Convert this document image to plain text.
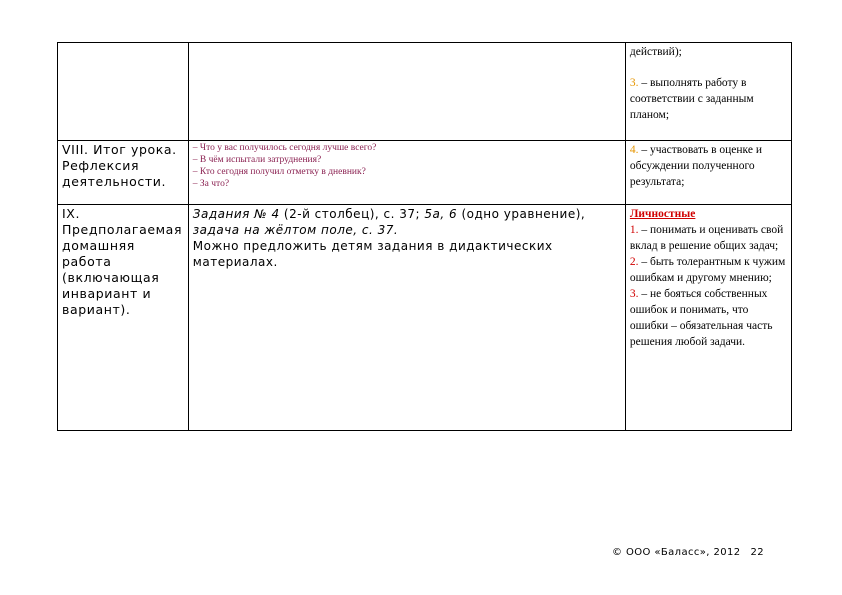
		действий);
3. – выполнять работу в соответствии с заданным планом;
VIII. Итог урока. Рефлексия деятельности.	– Что у вас получилось сегодня лучше всего?
– В чём испытали затруднения?
– Кто сегодня получил отметку в дневник?
– За что?	4. – участвовать в оценке и обсуждении полученного результата;
IX. Предполагаемая домашняя работа (включающая инвариант и вариант).	Задания № 4 (2-й столбец), с. 37; 5а, 6 (одно уравнение), задача на жёлтом поле, с. 37.
Можно предложить детям задания в дидактических материалах.	Личностные
1. – понимать и оценивать свой вклад в решение общих задач;
2. – быть толерантным к чужим ошибкам и другому мнению;
3. – не бояться собственных ошибок и понимать, что ошибки – обязательная часть решения любой задачи.
© ООО «Баласс», 2012 22
